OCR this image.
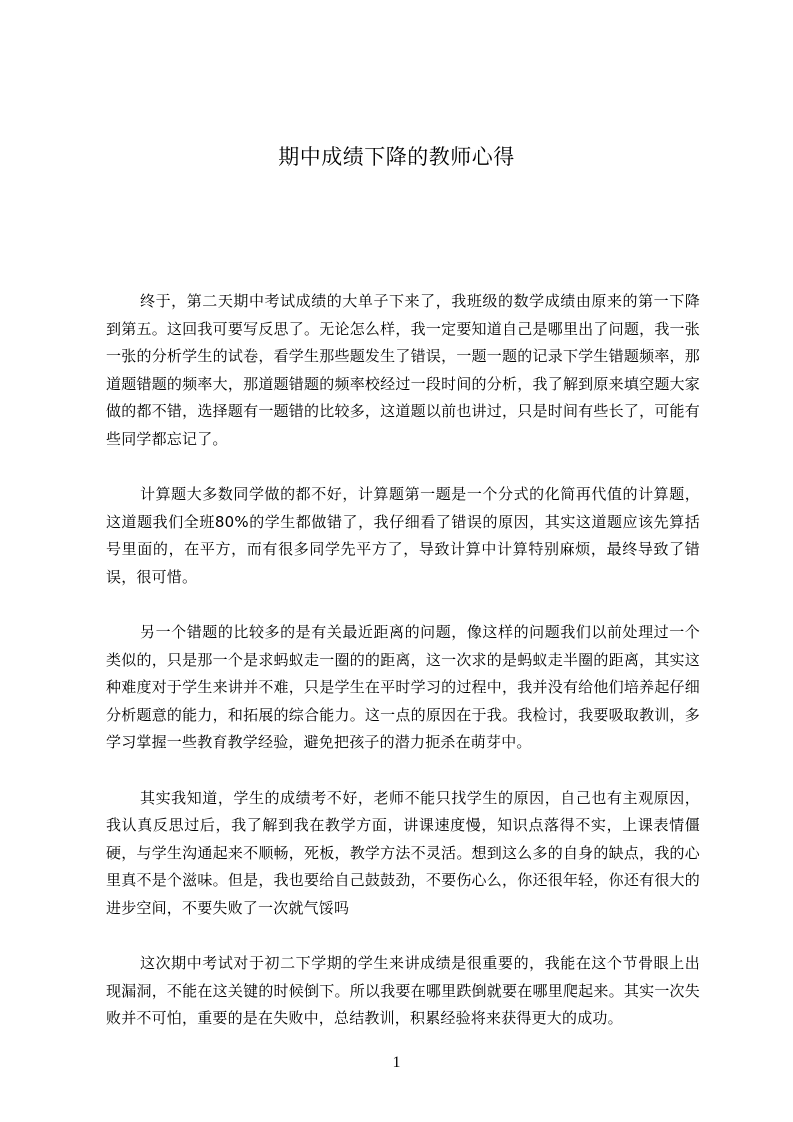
期中成绩下降的教师心得

终于，第二天期中考试成绩的大单子下来了，我班级的数学成绩由原来的第一下降到第五。这回我可要写反思了。无论怎么样，我一定要知道自己是哪里出了问题，我一张一张的分析学生的试卷，看学生那些题发生了错误，一题一题的记录下学生错题频率，那道题错题的频率大，那道题错题的频率校经过一段时间的分析，我了解到原来填空题大家做的都不错，选择题有一题错的比较多，这道题以前也讲过，只是时间有些长了，可能有些同学都忘记了。

计算题大多数同学做的都不好，计算题第一题是一个分式的化简再代值的计算题，这道题我们全班80%的学生都做错了，我仔细看了错误的原因，其实这道题应该先算括号里面的，在平方，而有很多同学先平方了，导致计算中计算特别麻烦，最终导致了错误，很可惜。

另一个错题的比较多的是有关最近距离的问题，像这样的问题我们以前处理过一个类似的，只是那一个是求蚂蚁走一圈的的距离，这一次求的是蚂蚁走半圈的距离，其实这种难度对于学生来讲并不难，只是学生在平时学习的过程中，我并没有给他们培养起仔细分析题意的能力，和拓展的综合能力。这一点的原因在于我。我检讨，我要吸取教训，多学习掌握一些教育教学经验，避免把孩子的潜力扼杀在萌芽中。

其实我知道，学生的成绩考不好，老师不能只找学生的原因，自己也有主观原因，我认真反思过后，我了解到我在教学方面，讲课速度慢，知识点落得不实，上课表情僵硬，与学生沟通起来不顺畅，死板，教学方法不灵活。想到这么多的自身的缺点，我的心里真不是个滋味。但是，我也要给自己鼓鼓劲，不要伤心么，你还很年轻，你还有很大的进步空间，不要失败了一次就气馁吗

这次期中考试对于初二下学期的学生来讲成绩是很重要的，我能在这个节骨眼上出现漏洞，不能在这关键的时候倒下。所以我要在哪里跌倒就要在哪里爬起来。其实一次失败并不可怕，重要的是在失败中，总结教训，积累经验将来获得更大的成功。

1
